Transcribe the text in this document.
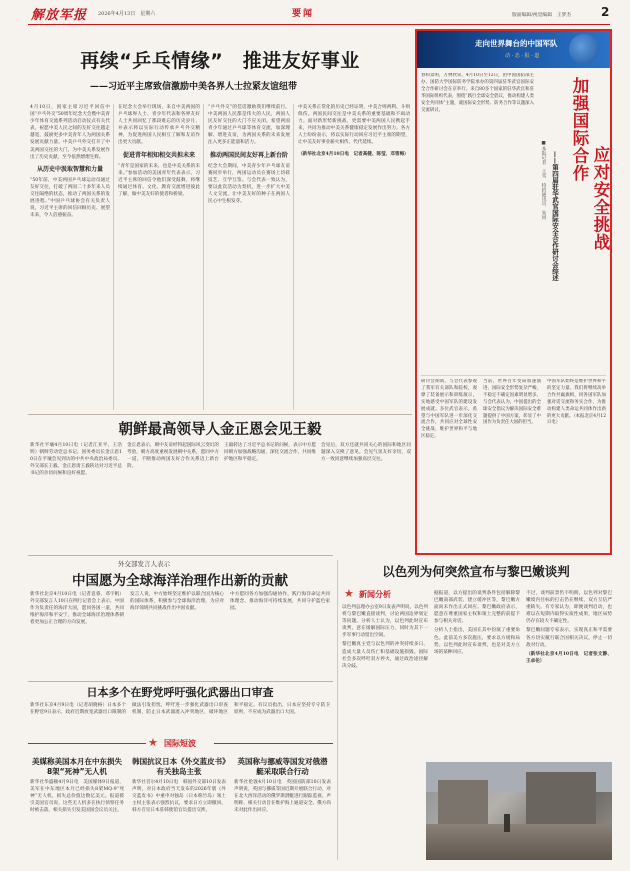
解放军报 2026年4月13日　星期六	要闻	版面编辑/视觉编辑　王梦杰 2
再续“乒乓情缘”　推进友好事业
——习近平主席致信激励中美各界人士拉紧友谊纽带
4月10日，国家主席习近平回信中国“乒乓外交”50周年纪念大会暨中美青少年体育交流系列活动启动仪式有关代表，祝愿中美人民之间的友好交往越走越宽，鼓励更多中美青年人为两国关系发展贡献力量。中美乒乓外交打开了中美两国交往的大门，为中美关系发展作出了历史贡献，至今依然熠熠生辉。
从历史中汲取智慧和力量
“50年前，中美两国乒乓球运动员通过友好交往，打破了两国二十多年来人员交往隔绝的状态，推动了两国关系的发展进程。”中国乒乓球协会有关负责人说，习近平主席的回信回顾历史、展望未来，令人倍感振奋。
在纪念大会举行现场，来自中美两国的乒乓球界人士、青少年代表和各界友好人士共同回忆了那段难忘的历史岁月，并表示将以实际行动传承乒乓外交精神，为促进两国人民相互了解和友谊作出更大贡献。
促进青年相知相交共担未来
“青年是国家的未来，也是中美关系的未来。”参加活动的美国青年代表表示，习近平主席的回信令他们深受鼓舞，将继续通过体育、文化、教育交流增进彼此了解，做中美友好的使者和桥梁。
“乒乓外交”的佳话激励我们继续前行。中美两国人民都是伟大的人民，两国人民友好交往的大门不应关闭。希望两国青少年通过乒乓球等体育交流，加深理解、增进友谊，为两国关系的未来发展注入更多正能量和活力。
推动两国民间友好再上新台阶
纪念大会期间，中美青少年乒乓球友谊赛同步举行，两国运动员在赛场上切磋技艺、互学互鉴。与会代表一致认为，要以此次活动为契机，进一步扩大中美人文交流，让中美友好的种子在两国人民心中生根发芽。
中美关系正常化的历史已经证明，中美合则两利、斗则俱伤。两国民间交往是中美关系的重要基础和不竭动力。面对新形势新挑战，更需要中美两国人民携起手来，共同为推动中美关系健康稳定发展作出努力。各方人士纷纷表示，将以实际行动回应习近平主席的期望，让中美友好事业薪火相传、代代延续。
（新华社北京4月10日电　记者高健、陈莹、邓雪梅）
走向世界舞台的中国军队
动 · 态 · 报 · 道
加强国际合作
应对安全挑战
——第四届驻华武官国际安全合作研讨会综述
■本报记者　王雪　特约通讯员　朱同
春和景明，万物欣荣。4月10日至12日，由中国国防部主办、国防大学国际防务学院承办的第四届驻华武官国际安全合作研讨会在京举行。来自80多个国家的驻华武官和驻华国际组织代表，围绕“践行全球安全倡议，推动构建人类安全共同体”主题，就国际安全形势、防务合作等议题深入交流研讨。
研讨会期间，与会代表参观了我军有关部队和院校，观摩了装备展示和训练演示，实地感受中国军队的建设发展成就。多位武官表示，希望与中国军队进一步深化交流合作，共同应对全球性安全挑战，维护世界和平与地区稳定。
当前，世界百年变局加速演进，国际安全形势复杂严峻，不稳定不确定因素明显增多。与会代表认为，中国提出的全球安全倡议为解决国际安全难题提供了中国方案，彰显了中国作为负责任大国的担当。
中国军队始终是维护世界和平的坚定力量。我们将继续高举合作共赢旗帜，同各国军队加强对话交流和务实合作，为推动构建人类命运共同体作出新的更大贡献。（本报北京4月12日电）
朝鲜最高领导人金正恩会见王毅
新华社平壤4月10日电（记者江亚平、王浩明）朝鲜劳动党总书记、国务委员长金正恩10日在平壤会见到访的中共中央政治局委员、外交部长王毅。金正恩请王毅转达对习近平总书记的亲切问候和良好祝愿。
金正恩表示，朝中友谊经得起国际风云变幻的考验，朝方高度重视发展朝中关系，愿同中方一道，不断推动两国友好合作关系迈上新台阶。
王毅转达了习近平总书记的问候，表示中方愿同朝方加强战略沟通，深化交流合作，共同维护地区和平稳定。
会见后，双方还就共同关心的国际和地区问题深入交换了意见。会见气氛友好亲切，双方一致同意继续加强高层交往。
外交部发言人表示
中国愿为全球海洋治理作出新的贡献
新华社北京4月10日电（记者袁睿、邓宇帆）外交部发言人10日在例行记者会上表示，中国作为负责任的海洋大国，愿同各国一道，共同维护海洋和平安宁，推动全球海洋治理体系朝着更加公正合理的方向发展。
发言人说，中方始终坚定维护以联合国为核心的国际体系，积极参与全球海洋治理，为应对海洋领域共同挑战作出中国贡献。
中方愿同各方加强沟通协作，践行海洋命运共同体理念，推动海洋可持续发展，共同守护蓝色家园。
日本多个在野党呼吁强化武器出口审查
新华社东京4月9日电（记者胡晓格）日本多个在野党9日表示，政府近期放宽武器出口限制的做法引发担忧，呼吁进一步强化武器出口审查机制，防止日本武器流入冲突地区，破坏地区和平稳定。有议员指出，日本应坚持专守防卫原则，不应成为武器出口大国。
★ 国际短波
美媒称美国本月在中东损失8架“死神”无人机
新华社华盛顿4月9日电　美国媒体9日报道，美军在中东地区本月已经损失8架MQ-9“死神”无人机，损失总价值达数亿美元。报道援引美国官员说，这些无人机多在执行侦察任务时被击落，相关损失引发美国国会议员关注。
韩国抗议日本《外交蓝皮书》有关独岛主张
新华社首尔4月10日电　韩国外交部10日发表声明，对日本政府当天发布的2026年版《外交蓝皮书》中重申对独岛（日本称竹岛）领土主权主张表示强烈抗议，要求日方立即撤回。韩方召见日本驻韩使馆官员提出交涉。
英国称与挪威等国发对俄潜艇采取联合行动
新华社伦敦4月10日电　英国国防部10日发表声明说，英国与挪威等国近期开展联合行动，对在北大西洋活动的俄罗斯潜艇进行跟踪监视。声明称，相关行动旨在维护海上通道安全。俄方尚未对此作出回应。
以色列为何突然宣布与黎巴嫩谈判
★ 新闻分析
以色列总理办公室9日发表声明说，以色列将与黎巴嫩直接谈判，讨论两国边界划定等问题。分析人士认为，以色列此时宣布谈判，意在缓解国际压力，同时为其下一步军事行动留出空间。
黎巴嫩真主党与以色列的冲突持续多日，造成大量人员伤亡和基础设施损毁。国际社会多次呼吁双方停火，通过政治途径解决分歧。
据报道，以方提出的谈判条件包括解除黎巴嫩南部武装、建立缓冲区等，黎巴嫩方面尚未作出正式回应。黎巴嫩政府表示，愿意在尊重国家主权和领土完整的前提下参与相关对话。
分析人士指出，美国在其中扮演了重要角色。此前美方多次施压，要求以方缓和局势。以色列此时宣布谈判，也是对美方立场的某种回应。
不过，谈判前景仍不明朗。以色列对黎巴嫩境内目标的打击仍在继续，双方互信严重缺失。有专家认为，即便谈判启动，也难以在短期内取得实质性成果，地区局势仍存在较大不确定性。
黎巴嫩问题专家表示，实现真正和平需要各方切实履行联合国相关决议，停止一切敌对行动。
（新华社北京4月10日电　记者张文静、王卓伦）
